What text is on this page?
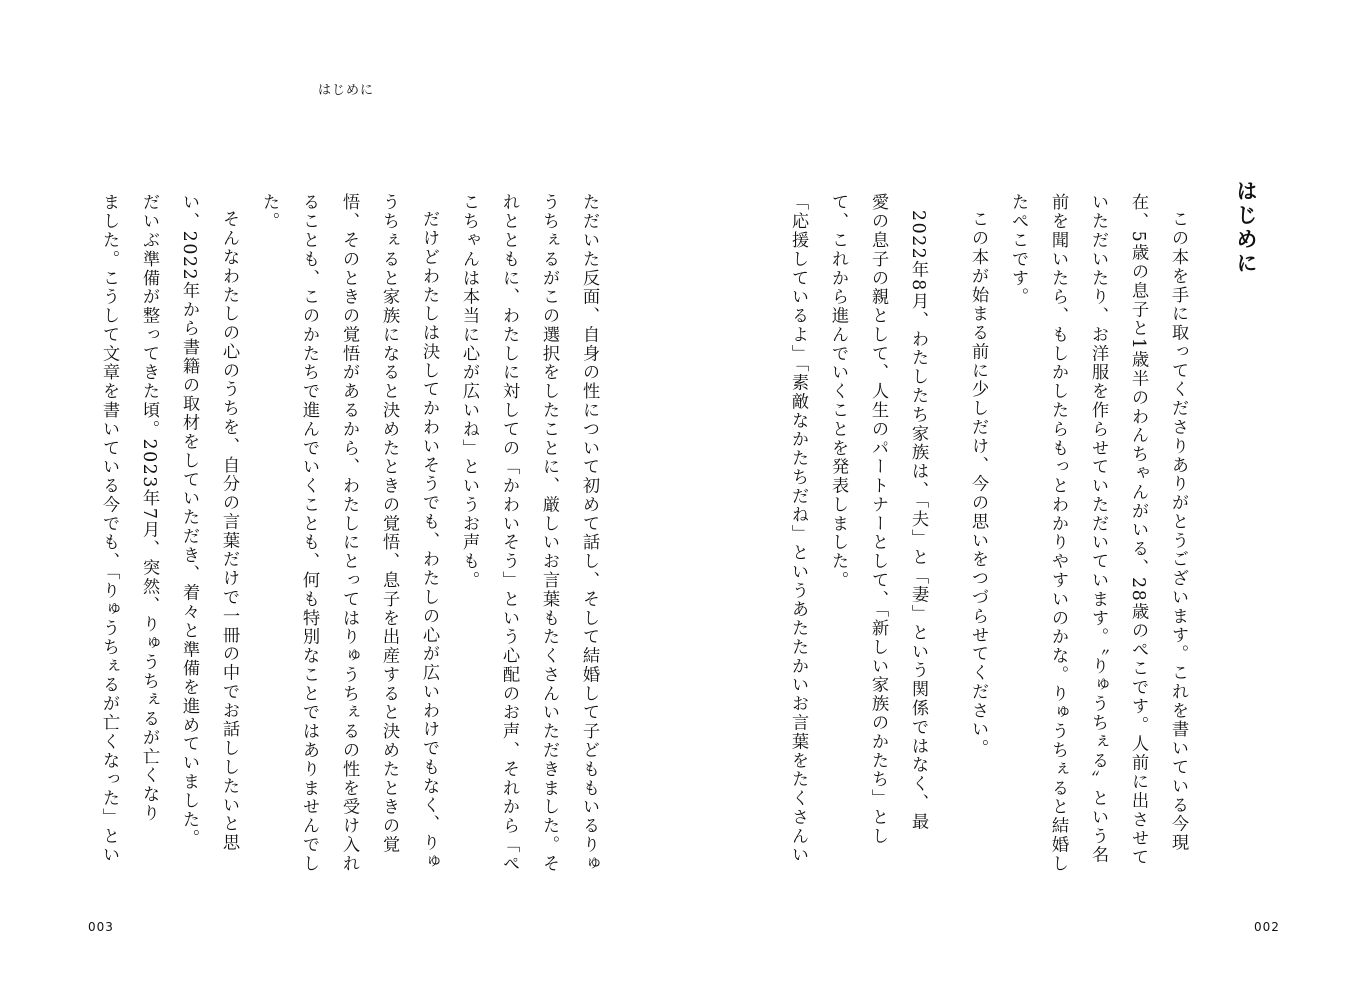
はじめに

ただいた反面、自身の性について初めて話し、そして結婚して子どももいるりゅ

うちぇるがこの選択をしたことに、厳しいお言葉もたくさんいただきました。そ

れとともに、わたしに対しての「かわいそう」という心配のお声、それから「ぺ

こちゃんは本当に心が広いね」というお声も。

だけどわたしは決してかわいそうでも、わたしの心が広いわけでもなく、りゅ

うちぇると家族になると決めたときの覚悟、息子を出産すると決めたときの覚

悟、そのときの覚悟があるから、わたしにとってはりゅうちぇるの性を受け入れ

ることも、このかたちで進んでいくことも、何も特別なことではありませんでし

た。

そんなわたしの心のうちを、自分の言葉だけで一冊の中でお話ししたいと思

い、2022年から書籍の取材をしていただき、着々と準備を進めていました。

だいぶ準備が整ってきた頃。2023年7月、突然、りゅうちぇるが亡くなり

ました。こうして文章を書いている今でも、「りゅうちぇるが亡くなった」とい

003

はじめに

この本を手に取ってくださりありがとうございます。これを書いている今現

在、5歳の息子と1歳半のわんちゃんがいる、28歳のぺこです。人前に出させて

いただいたり、お洋服を作らせていただいています。〝りゅうちぇる〟という名

前を聞いたら、もしかしたらもっとわかりやすいのかな。りゅうちぇると結婚し

たぺこです。

この本が始まる前に少しだけ、今の思いをつづらせてください。

2022年8月、わたしたち家族は、「夫」と「妻」という関係ではなく、最

愛の息子の親として、人生のパートナーとして、「新しい家族のかたち」とし

て、これから進んでいくことを発表しました。

「応援しているよ」「素敵なかたちだね」というあたたかいお言葉をたくさんい

002
